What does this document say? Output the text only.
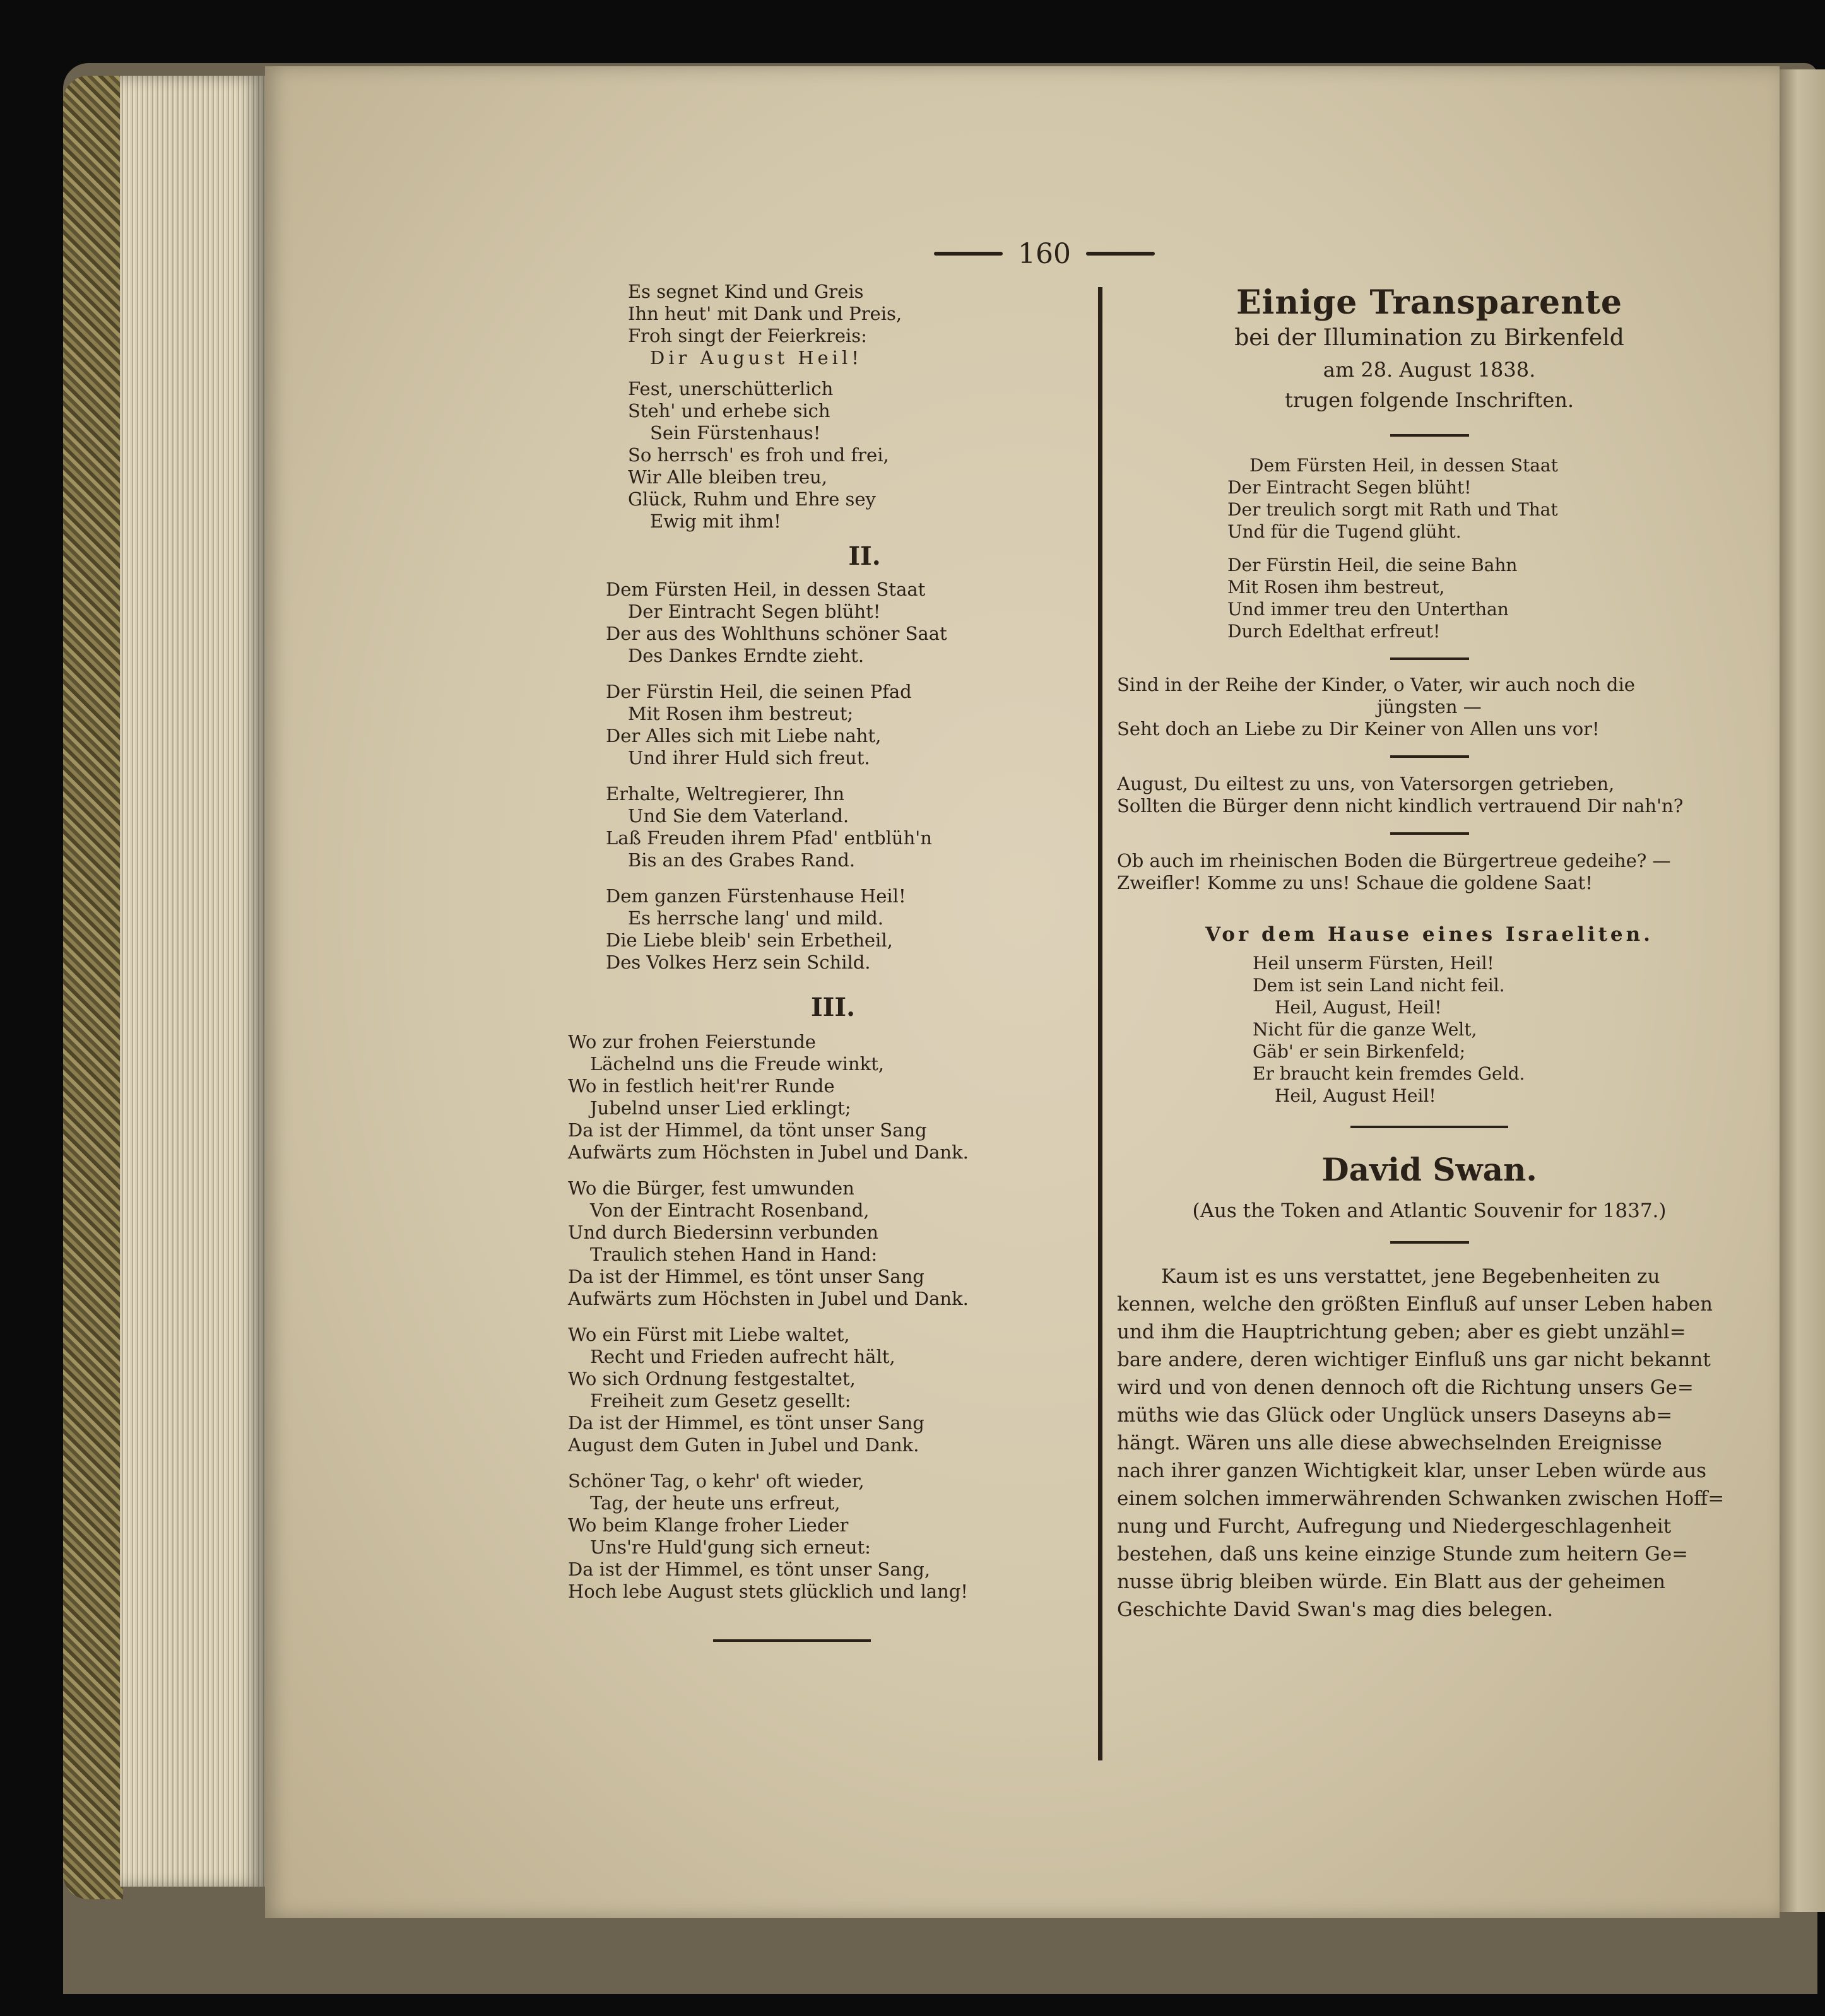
160
Es segnet Kind und Greis
Ihn heut' mit Dank und Preis,
Froh singt der Feierkreis:
Dir August Heil!
Fest, unerschütterlich
Steh' und erhebe sich
Sein Fürstenhaus!
So herrsch' es froh und frei,
Wir Alle bleiben treu,
Glück, Ruhm und Ehre sey
Ewig mit ihm!
II.
Dem Fürsten Heil, in dessen Staat
Der Eintracht Segen blüht!
Der aus des Wohlthuns schöner Saat
Des Dankes Erndte zieht.
Der Fürstin Heil, die seinen Pfad
Mit Rosen ihm bestreut;
Der Alles sich mit Liebe naht,
Und ihrer Huld sich freut.
Erhalte, Weltregierer, Ihn
Und Sie dem Vaterland.
Laß Freuden ihrem Pfad' entblüh'n
Bis an des Grabes Rand.
Dem ganzen Fürstenhause Heil!
Es herrsche lang' und mild.
Die Liebe bleib' sein Erbetheil,
Des Volkes Herz sein Schild.
III.
Wo zur frohen Feierstunde
Lächelnd uns die Freude winkt,
Wo in festlich heit'rer Runde
Jubelnd unser Lied erklingt;
Da ist der Himmel, da tönt unser Sang
Aufwärts zum Höchsten in Jubel und Dank.
Wo die Bürger, fest umwunden
Von der Eintracht Rosenband,
Und durch Biedersinn verbunden
Traulich stehen Hand in Hand:
Da ist der Himmel, es tönt unser Sang
Aufwärts zum Höchsten in Jubel und Dank.
Wo ein Fürst mit Liebe waltet,
Recht und Frieden aufrecht hält,
Wo sich Ordnung festgestaltet,
Freiheit zum Gesetz gesellt:
Da ist der Himmel, es tönt unser Sang
August dem Guten in Jubel und Dank.
Schöner Tag, o kehr' oft wieder,
Tag, der heute uns erfreut,
Wo beim Klange froher Lieder
Uns're Huld'gung sich erneut:
Da ist der Himmel, es tönt unser Sang,
Hoch lebe August stets glücklich und lang!
Einige Transparente
bei der Illumination zu Birkenfeld
am 28. August 1838.
trugen folgende Inschriften.
Dem Fürsten Heil, in dessen Staat
Der Eintracht Segen blüht!
Der treulich sorgt mit Rath und That
Und für die Tugend glüht.
Der Fürstin Heil, die seine Bahn
Mit Rosen ihm bestreut,
Und immer treu den Unterthan
Durch Edelthat erfreut!
Sind in der Reihe der Kinder, o Vater, wir auch noch die
jüngsten —
Seht doch an Liebe zu Dir Keiner von Allen uns vor!
August, Du eiltest zu uns, von Vatersorgen getrieben,
Sollten die Bürger denn nicht kindlich vertrauend Dir nah'n?
Ob auch im rheinischen Boden die Bürgertreue gedeihe? —
Zweifler! Komme zu uns! Schaue die goldene Saat!
Vor dem Hause eines Israeliten.
Heil unserm Fürsten, Heil!
Dem ist sein Land nicht feil.
Heil, August, Heil!
Nicht für die ganze Welt,
Gäb' er sein Birkenfeld;
Er braucht kein fremdes Geld.
Heil, August Heil!
David Swan.
(Aus the Token and Atlantic Souvenir for 1837.)
Kaum ist es uns verstattet, jene Begebenheiten zu
kennen, welche den größten Einfluß auf unser Leben haben
und ihm die Hauptrichtung geben; aber es giebt unzähl=
bare andere, deren wichtiger Einfluß uns gar nicht bekannt
wird und von denen dennoch oft die Richtung unsers Ge=
müths wie das Glück oder Unglück unsers Daseyns ab=
hängt. Wären uns alle diese abwechselnden Ereignisse
nach ihrer ganzen Wichtigkeit klar, unser Leben würde aus
einem solchen immerwährenden Schwanken zwischen Hoff=
nung und Furcht, Aufregung und Niedergeschlagenheit
bestehen, daß uns keine einzige Stunde zum heitern Ge=
nusse übrig bleiben würde. Ein Blatt aus der geheimen
Geschichte David Swan's mag dies belegen.
